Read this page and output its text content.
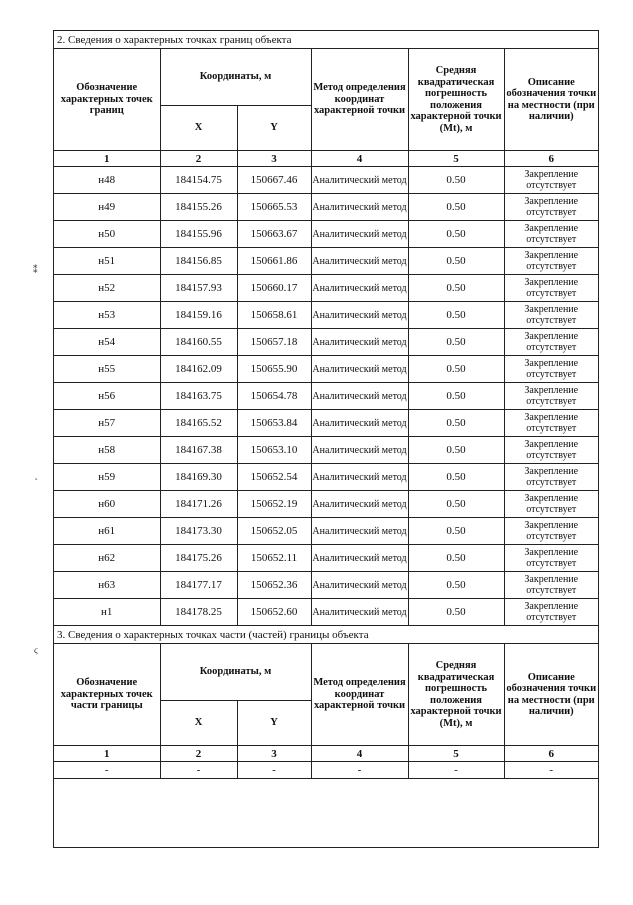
⁑
˛
ϛ
2. Сведения о характерных точках границ объекта
Обозначение характерных точек границ	Координаты, м		Метод определения координат характерной точки	Средняя квадратическая погрешность положения характерной точки (Mt), м	Описание обозначения точки на местности (при наличии)
	X	Y			
1	2	3	4	5	6
н48	184154.75	150667.46	Аналитический метод	0.50	Закрепление отсутствует
н49	184155.26	150665.53	Аналитический метод	0.50	Закрепление отсутствует
н50	184155.96	150663.67	Аналитический метод	0.50	Закрепление отсутствует
н51	184156.85	150661.86	Аналитический метод	0.50	Закрепление отсутствует
н52	184157.93	150660.17	Аналитический метод	0.50	Закрепление отсутствует
н53	184159.16	150658.61	Аналитический метод	0.50	Закрепление отсутствует
н54	184160.55	150657.18	Аналитический метод	0.50	Закрепление отсутствует
н55	184162.09	150655.90	Аналитический метод	0.50	Закрепление отсутствует
н56	184163.75	150654.78	Аналитический метод	0.50	Закрепление отсутствует
н57	184165.52	150653.84	Аналитический метод	0.50	Закрепление отсутствует
н58	184167.38	150653.10	Аналитический метод	0.50	Закрепление отсутствует
н59	184169.30	150652.54	Аналитический метод	0.50	Закрепление отсутствует
н60	184171.26	150652.19	Аналитический метод	0.50	Закрепление отсутствует
н61	184173.30	150652.05	Аналитический метод	0.50	Закрепление отсутствует
н62	184175.26	150652.11	Аналитический метод	0.50	Закрепление отсутствует
н63	184177.17	150652.36	Аналитический метод	0.50	Закрепление отсутствует
н1	184178.25	150652.60	Аналитический метод	0.50	Закрепление отсутствует
3. Сведения о характерных точках части (частей) границы объекта
Обозначение характерных точек части границы	Координаты, м		Метод определения координат характерной точки	Средняя квадратическая погрешность положения характерной точки (Mt), м	Описание обозначения точки на местности (при наличии)
	X	Y			
1	2	3	4	5	6
-	-	-	-	-	-
